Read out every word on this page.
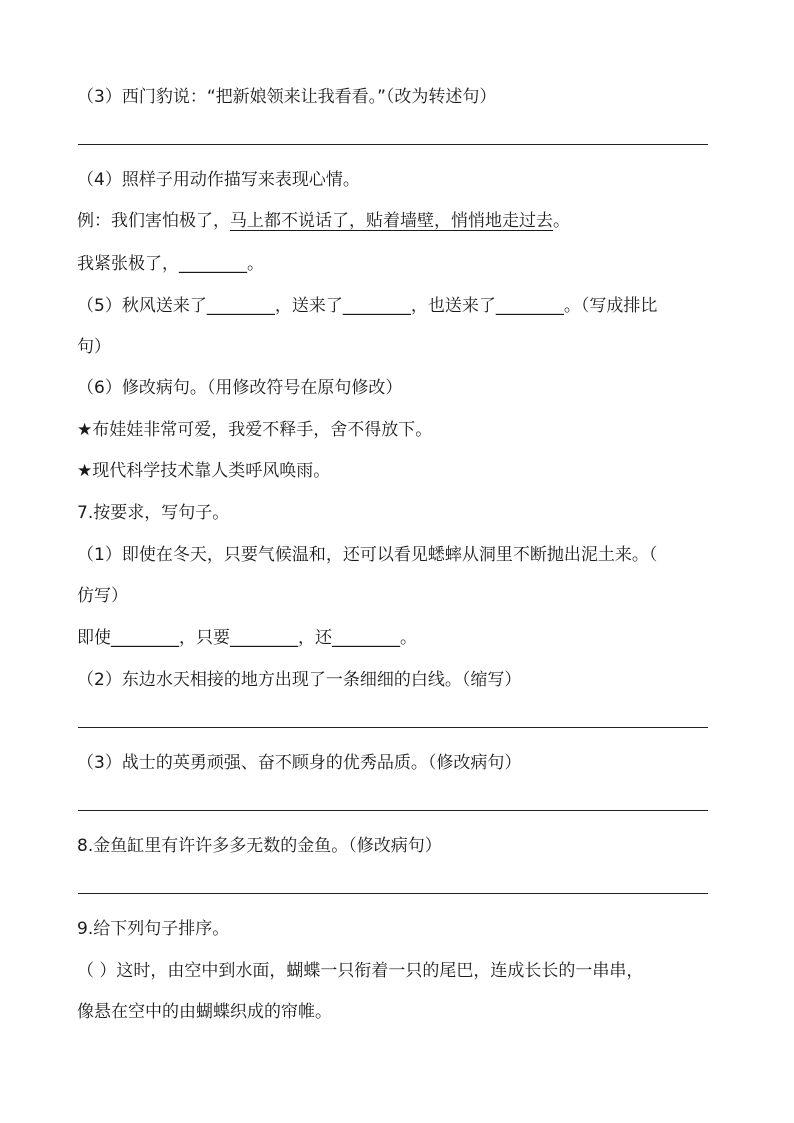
（3）西门豹说：“把新娘领来让我看看。”（改为转述句）
（4）照样子用动作描写来表现心情。
例：我们害怕极了，马上都不说话了，贴着墙壁，悄悄地走过去。
我紧张极了，________。
（5）秋风送来了________，送来了________，也送来了________。（写成排比
句）
（6）修改病句。（用修改符号在原句修改）
★布娃娃非常可爱，我爱不释手，舍不得放下。
★现代科学技术靠人类呼风唤雨。
7.按要求，写句子。
（1）即使在冬天，只要气候温和，还可以看见蟋蟀从洞里不断抛出泥土来。（
仿写）
即使________，只要________，还________。
（2）东边水天相接的地方出现了一条细细的白线。（缩写）
（3）战士的英勇顽强、奋不顾身的优秀品质。（修改病句）
8.金鱼缸里有许许多多无数的金鱼。（修改病句）
9.给下列句子排序。
（ ）这时，由空中到水面，蝴蝶一只衔着一只的尾巴，连成长长的一串串，
像悬在空中的由蝴蝶织成的帘帷。
